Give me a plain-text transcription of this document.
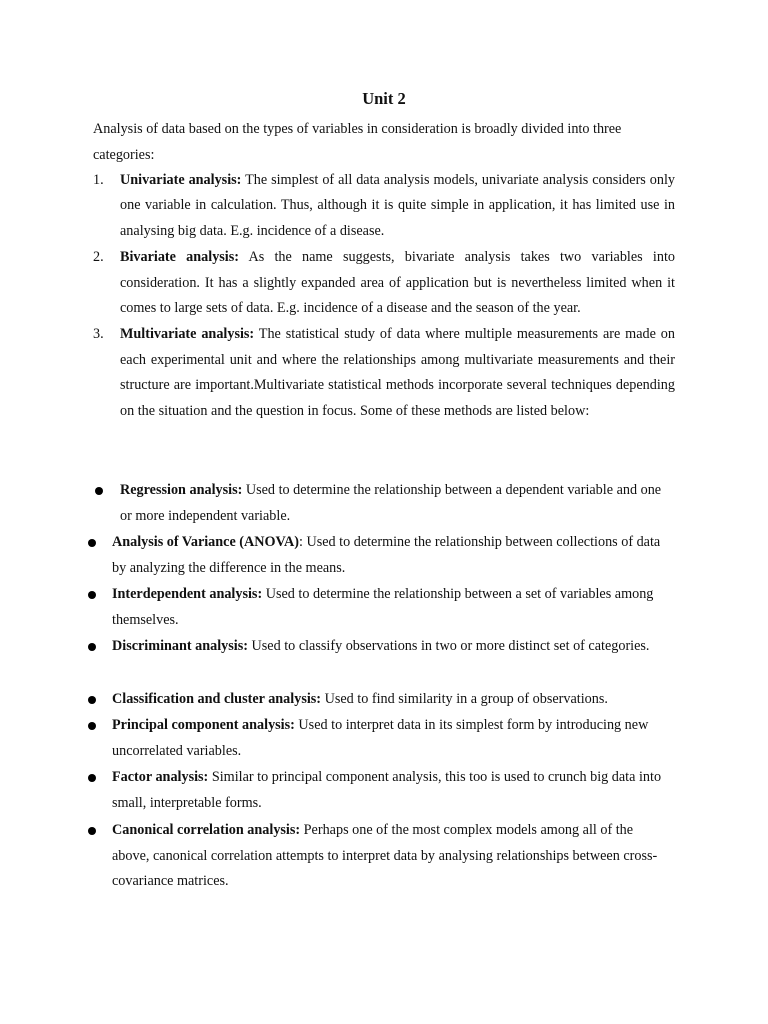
Unit 2
Analysis of data based on the types of variables in consideration is broadly divided into three categories:
1. Univariate analysis: The simplest of all data analysis models, univariate analysis considers only one variable in calculation. Thus, although it is quite simple in application, it has limited use in analysing big data. E.g. incidence of a disease.
2. Bivariate analysis: As the name suggests, bivariate analysis takes two variables into consideration. It has a slightly expanded area of application but is nevertheless limited when it comes to large sets of data. E.g. incidence of a disease and the season of the year.
3. Multivariate analysis: The statistical study of data where multiple measurements are made on each experimental unit and where the relationships among multivariate measurements and their structure are important.Multivariate statistical methods incorporate several techniques depending on the situation and the question in focus. Some of these methods are listed below:
Regression analysis: Used to determine the relationship between a dependent variable and one or more independent variable.
Analysis of Variance (ANOVA): Used to determine the relationship between collections of data by analyzing the difference in the means.
Interdependent analysis: Used to determine the relationship between a set of variables among themselves.
Discriminant analysis: Used to classify observations in two or more distinct set of categories.
Classification and cluster analysis: Used to find similarity in a group of observations.
Principal component analysis: Used to interpret data in its simplest form by introducing new uncorrelated variables.
Factor analysis: Similar to principal component analysis, this too is used to crunch big data into small, interpretable forms.
Canonical correlation analysis: Perhaps one of the most complex models among all of the above, canonical correlation attempts to interpret data by analysing relationships between cross-covariance matrices.
